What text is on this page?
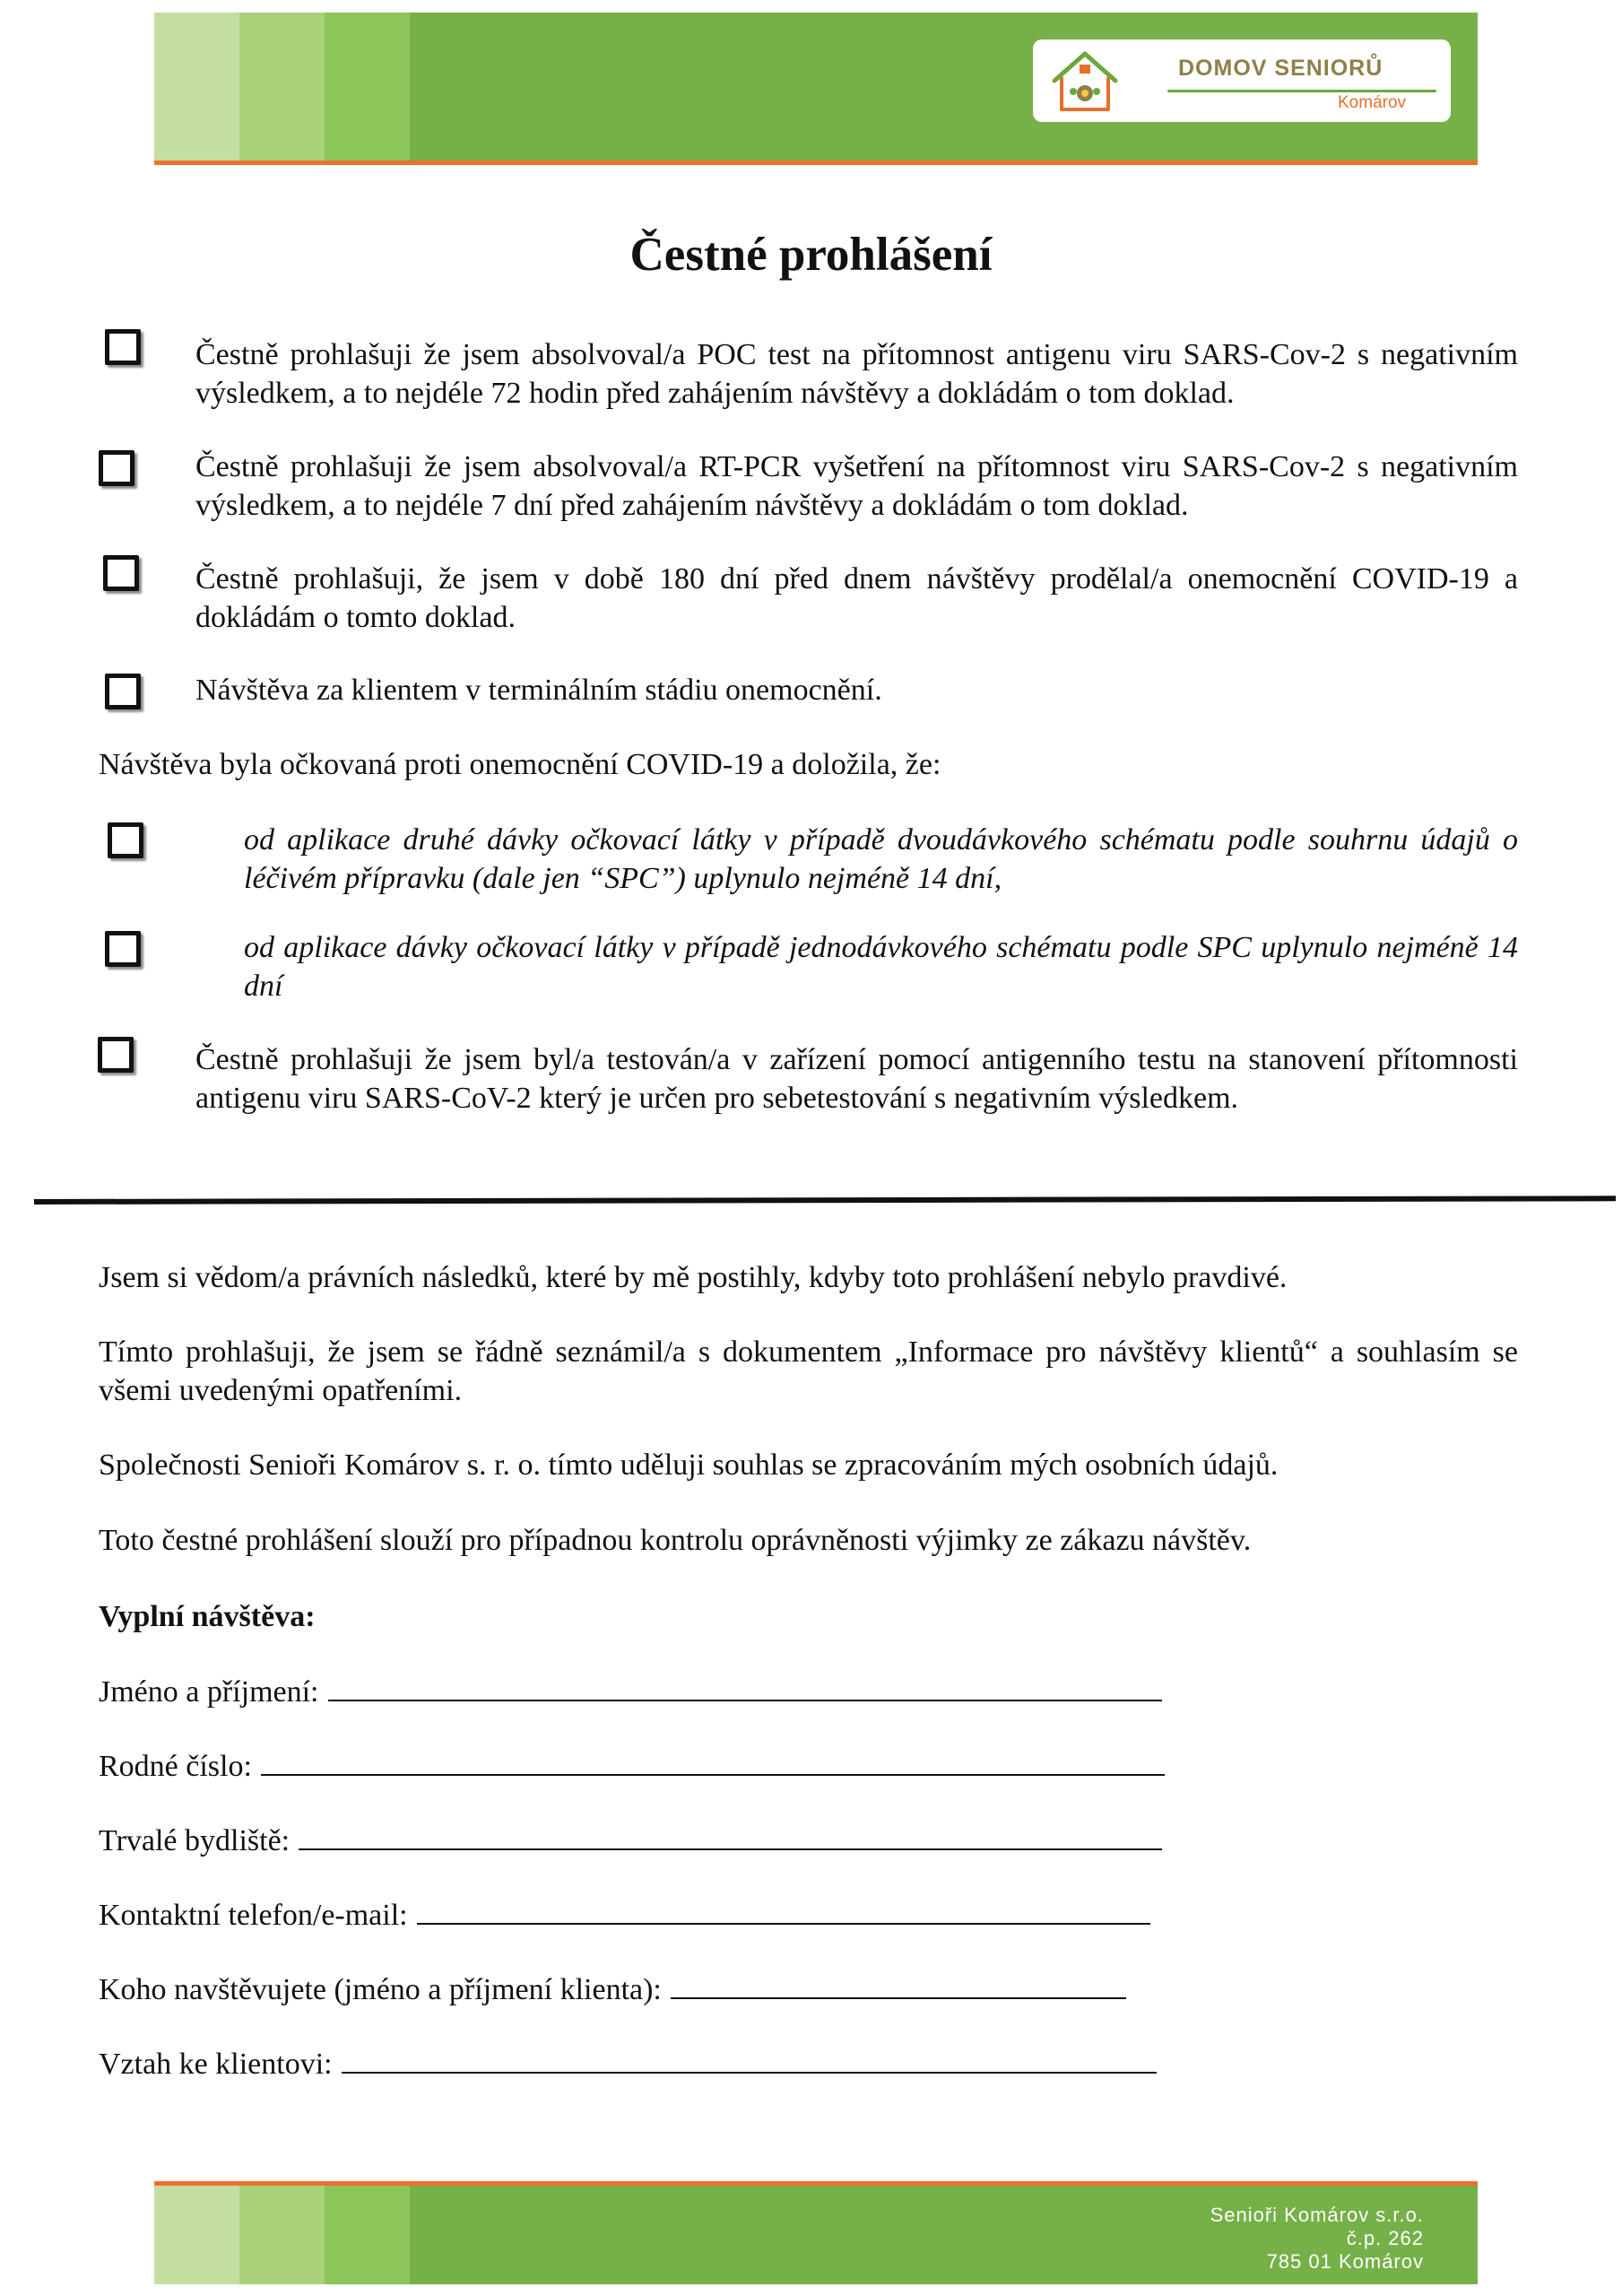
DOMOV SENIORŮ
Komárov
Čestné prohlášení
Čestně prohlašuji že jsem absolvoval/a POC test na přítomnost antigenu viru SARS-Cov-2 s negativním výsledkem, a to nejdéle 72 hodin před zahájením návštěvy a dokládám o tom doklad.
Čestně prohlašuji že jsem absolvoval/a RT-PCR vyšetření na přítomnost viru SARS-Cov-2 s negativním výsledkem, a to nejdéle 7 dní před zahájením návštěvy a dokládám o tom doklad.
Čestně prohlašuji, že jsem v době 180 dní před dnem návštěvy prodělal/a onemocnění COVID-19 a dokládám o tomto doklad.
Návštěva za klientem v terminálním stádiu onemocnění.
Návštěva byla očkovaná proti onemocnění COVID-19 a doložila, že:
od aplikace druhé dávky očkovací látky v případě dvoudávkového schématu podle souhrnu údajů o léčivém přípravku (dale jen “SPC”) uplynulo nejméně 14 dní,
od aplikace dávky očkovací látky v případě jednodávkového schématu podle SPC uplynulo nejméně 14 dní
Čestně prohlašuji že jsem byl/a testován/a v zařízení pomocí antigenního testu na stanovení přítomnosti antigenu viru SARS-CoV-2 který je určen pro sebetestování s negativním výsledkem.
Jsem si vědom/a právních následků, které by mě postihly, kdyby toto prohlášení nebylo pravdivé.
Tímto prohlašuji, že jsem se řádně seznámil/a s dokumentem „Informace pro návštěvy klientů“ a souhlasím se všemi uvedenými opatřeními.
Společnosti Senioři Komárov s. r. o. tímto uděluji souhlas se zpracováním mých osobních údajů.
Toto čestné prohlášení slouží pro případnou kontrolu oprávněnosti výjimky ze zákazu návštěv.
Vyplní návštěva:
Jméno a příjmení:
Rodné číslo:
Trvalé bydliště:
Kontaktní telefon/e-mail:
Koho navštěvujete (jméno a příjmení klienta):
Vztah ke klientovi:
Senioři Komárov s.r.o.
č.p. 262
785 01 Komárov
